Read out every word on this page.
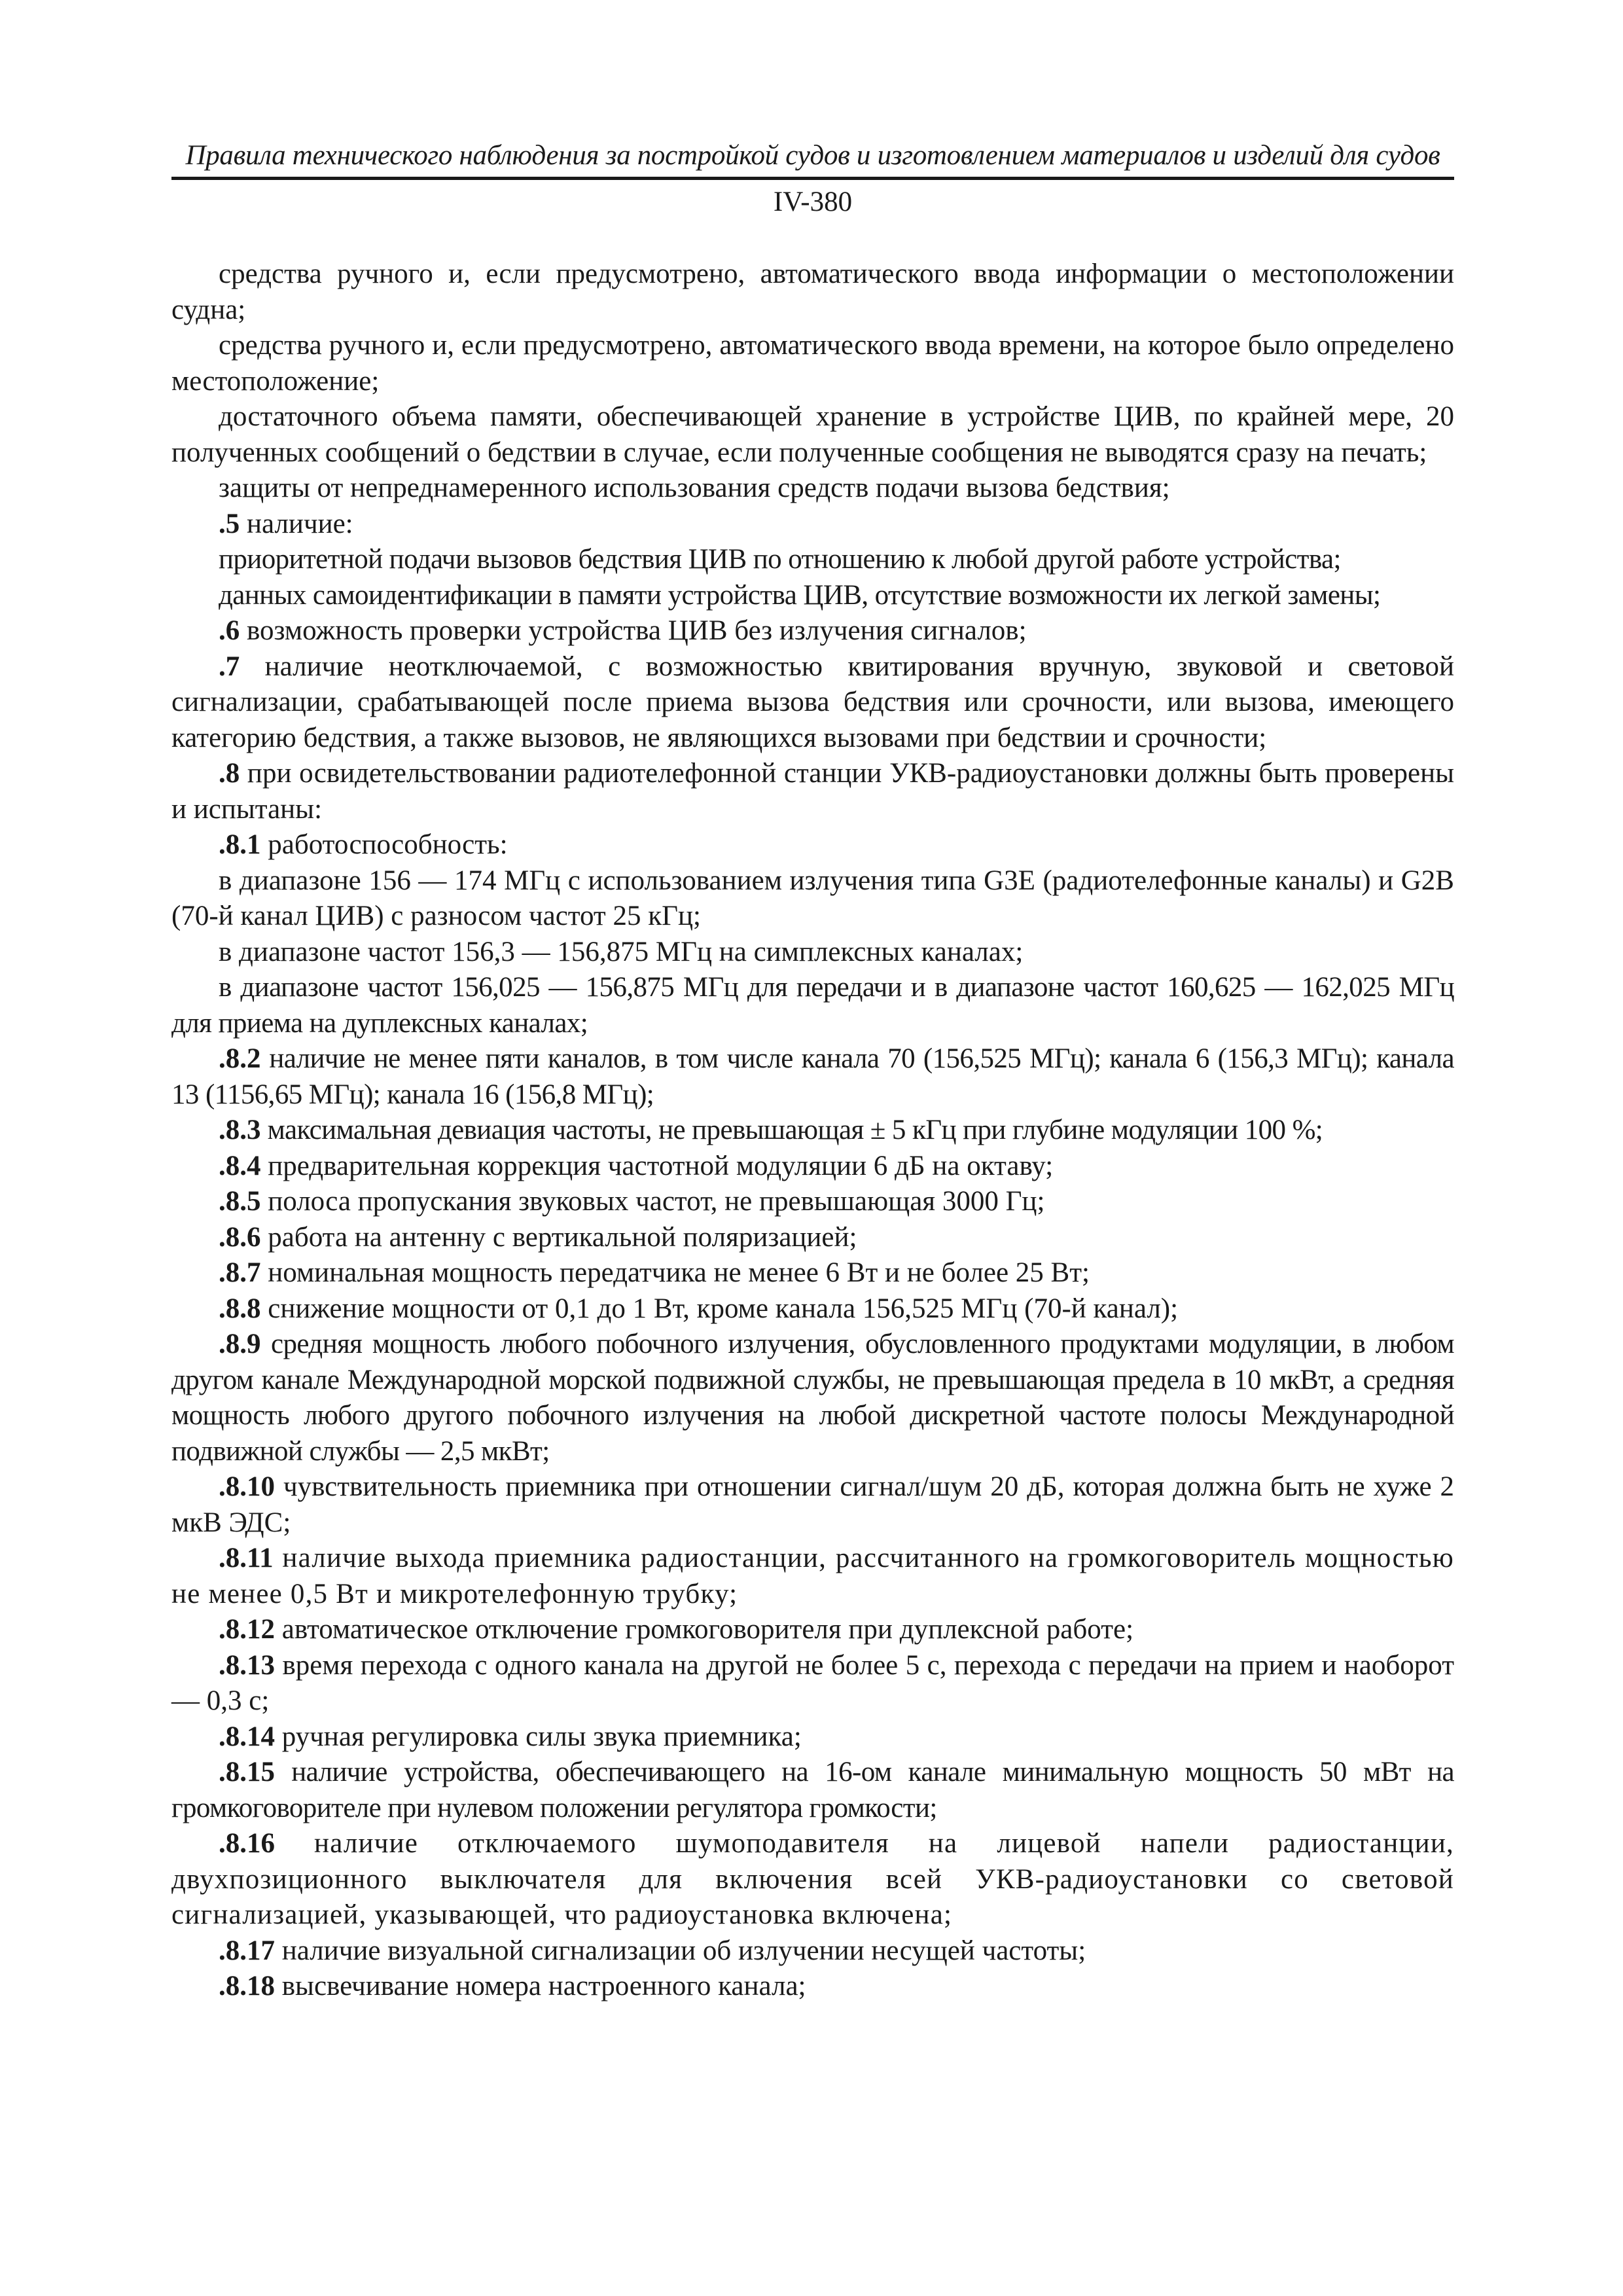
Правила технического наблюдения за постройкой судов и изготовлением материалов и изделий для судов
IV-380

средства ручного и, если предусмотрено, автоматического ввода информации о местоположении судна;

средства ручного и, если предусмотрено, автоматического ввода времени, на которое было определено местоположение;

достаточного объема памяти, обеспечивающей хранение в устройстве ЦИВ, по крайней мере, 20 полученных сообщений о бедствии в случае, если полученные сообщения не выводятся сразу на печать;

защиты от непреднамеренного использования средств подачи вызова бедствия;

.5 наличие:

приоритетной подачи вызовов бедствия ЦИВ по отношению к любой другой работе устройства;

данных самоидентификации в памяти устройства ЦИВ, отсутствие возможности их легкой замены;

.6 возможность проверки устройства ЦИВ без излучения сигналов;

.7 наличие неотключаемой, с возможностью квитирования вручную, звуковой и световой сигнализации, срабатывающей после приема вызова бедствия или срочности, или вызова, имеющего категорию бедствия, а также вызовов, не являющихся вызовами при бедствии и срочности;

.8 при освидетельствовании радиотелефонной станции УКВ-радиоустановки должны быть проверены и испытаны:

.8.1 работоспособность:

в диапазоне 156 — 174 МГц с использованием излучения типа G3E (радиотелефонные каналы) и G2B (70-й канал ЦИВ) с разносом частот 25 кГц;

в диапазоне частот 156,3 — 156,875 МГц на симплексных каналах;

в диапазоне частот 156,025 — 156,875 МГц для передачи и в диапазоне частот 160,625 — 162,025 МГц для приема на дуплексных каналах;

.8.2 наличие не менее пяти каналов, в том числе канала 70 (156,525 МГц); канала 6 (156,3 МГц); канала 13 (1156,65 МГц); канала 16 (156,8 МГц);

.8.3 максимальная девиация частоты, не превышающая ± 5 кГц при глубине модуляции 100 %;

.8.4 предварительная коррекция частотной модуляции 6 дБ на октаву;

.8.5 полоса пропускания звуковых частот, не превышающая 3000 Гц;

.8.6 работа на антенну с вертикальной поляризацией;

.8.7 номинальная мощность передатчика не менее 6 Вт и не более 25 Вт;

.8.8 снижение мощности от 0,1 до 1 Вт, кроме канала 156,525 МГц (70-й канал);

.8.9 средняя мощность любого побочного излучения, обусловленного продуктами модуляции, в любом другом канале Международной морской подвижной службы, не превышающая предела в 10 мкВт, а средняя мощность любого другого побочного излучения на любой дискретной частоте полосы Международной подвижной службы — 2,5 мкВт;

.8.10 чувствительность приемника при отношении сигнал/шум 20 дБ, которая должна быть не хуже 2 мкВ ЭДС;

.8.11 наличие выхода приемника радиостанции, рассчитанного на громкоговоритель мощностью не менее 0,5 Вт и микротелефонную трубку;

.8.12 автоматическое отключение громкоговорителя при дуплексной работе;

.8.13 время перехода с одного канала на другой не более 5 с, перехода с передачи на прием и наоборот — 0,3 с;

.8.14 ручная регулировка силы звука приемника;

.8.15 наличие устройства, обеспечивающего на 16-ом канале минимальную мощность 50 мВт на громкоговорителе при нулевом положении регулятора громкости;

.8.16 наличие отключаемого шумоподавителя на лицевой напели радиостанции, двухпозиционного выключателя для включения всей УКВ-радиоустановки со световой сигнализацией, указывающей, что радиоустановка включена;

.8.17 наличие визуальной сигнализации об излучении несущей частоты;

.8.18 высвечивание номера настроенного канала;
